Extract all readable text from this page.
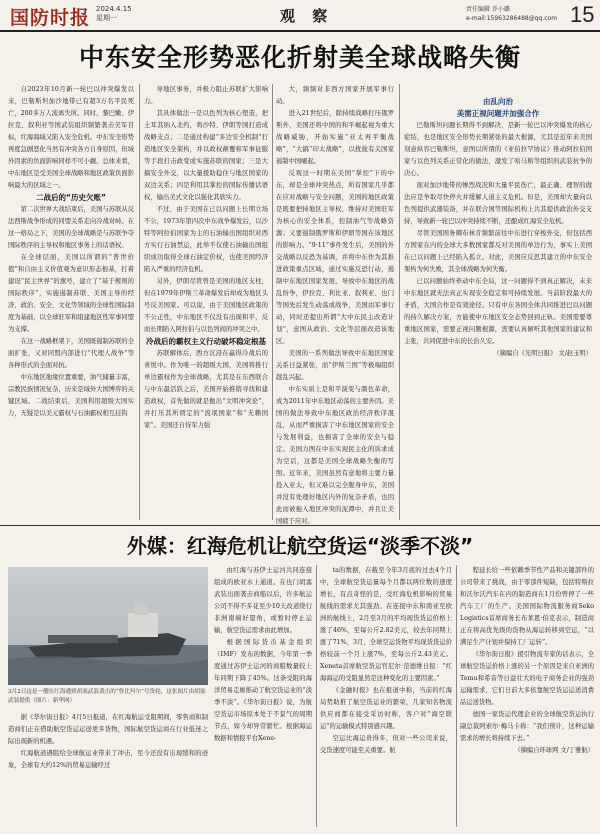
国防时报 2024.4.15
星期一	观 察	责任编辑 乔小璐
e-mail:15963286488@qq.com 15
中东安全形势恶化折射美全球战略失衡

自2023年10月新一轮巴以冲突爆发以来，巴勒斯坦加沙地带已有超3万名平民死亡，200多万人流离失所。同时，黎巴嫩、伊拉克、叙利亚等国武装组织频繁袭击美军目标，红海海域又陷入安全危机。中东安全形势再度急剧恶化当然有冲突各方自身原因，但域外因素的负面影响同样不可小觑。总体来看，中东地区是受美国全球战略和地区政策负面影响最大的区域之一。

二战后的“历史欠账”

第二次世界大战结束后，美国与苏联从反法西斯战争形成的同盟关系走向冷战对峙。在这一格局之下，美国的全球战略是与苏联争夺国际秩序的主导权和地区事务上的话语权。

在全球层面，美国以所谓的“普世价值”和自由主义价值观为意识形态根基，打着建设“民主世界”的旗号，建立了“基于规则的国际秩序”，实施遏制苏联、美国主导的经济、政治、安全、文化等领域的全球性国际制度为基础，以全球驻军和组建地区性军事同盟为支撑。

在这一战略框架下，美国既遏制苏联的全面扩张，又对同盟内部进行“代理人战争”等各种形式的全面对抗。

中东地区地缘位置重要，油气储量丰富，宗教民族情况复杂，历来是域外大国博弈的关键区域。二战结束后，美国利用超级大国实力，无疑是以美元霸权与石油霸权相互挂钩

导地区事务，并极力阻止苏联扩大影响力。

其具体做法一是以色列为核心塑造，把土耳其纳入北约，将沙特、伊朗等国打造成战略支点；二是通过构建“多边安全机制”打造地区安全架构，并以政权颠覆和军事征服等手段打击政变或实施苏联的国家；三是大搞安全外交，以大量援助稳住与地区国家的双边关系；四是利用其掌控的国际传播话语权，输出美式文化以强化其软实力。

不过，由于美国在已以问题上长期立场不公，1973年第四次中东战争爆发后，以沙特等阿拉伯国家为主的石油输出国组织对西方实行石油禁运，此举不仅使石油输出国组织成功取得全球石油定价权，也使美国经济陷入严重的经济危机。

另外，伊朗尽管曾是美国的地区支柱，但在1979年伊斯兰革命爆发后却成为地区头号反美国家。可以说，由于美国地区政策的不公正性，中东地区不仅没有出现和平，反而长期陷入阿拉伯与以色列间的冲突之中。

冷战后的霸权主义行动破坏稳定根基

苏联解体后，西方沉浸在赢得冷战后的喜悦中。作为唯一的超级大国，美国将推行单边霸权作为全球战略，尤其是在东西联合与中东最活跃之后，美国开始推销寻找和建造政权，首先做的就是抛出“文明冲突论”，并打压其所谓定的“流氓国家”和“无赖国家”。美国还自恃军力强

大，频频对非西方国家开展军事行动。

进入21世纪后，除持续战略打压俄罗斯外，美国还将中国的和平崛起视为重大战略威胁，开始实施“亚太再平衡战略”，“大搞“印太战略”，以扰拢有关国家遏制中国崛起。

反观这一时期在美国“掌控”下的中东，却是全球冲突热点，所有国家几乎都在应对战略与安全问题，美国的地区政策是既要把持地区主导权，维持对美国驻军为核心的安全体系，控制油气等战略资源；又要遏制俄罗斯和伊朗等国在该地区的影响力。“9·11”事件发生后，美国的外交战略以反恐为基调，并将中东作为其推进政策重点区域，通过实施反恐行动，遏制中东地区国家发展，导致中东地区的战乱纷争，伊拉克、利比亚、叙利亚、也门等国先后发生动荡或战争，美国由军事行动，同时还提出所谓“大中东民主改造计划”，意图从政治、文化等层面改造该地区。

美国的一系列做法导致中东地区国家关系日益紧张，而“伊斯兰国”等极端组织趁乱兴起。

中东实质上是和平演变与颜色革命，成为2011年中东地区动荡的主要外因。美国的做法导致中东地区政治经济秩序混乱，从而严重损害了中东地区国家的安全与发展利益，也损害了全球的安全与稳定。美国力图在中东实现民主化的诉求成为空话，这都是美国全球战略失衡的写照。近年来，美国虽然有意地将主要力量投入亚太，但又难以完全脱身中东，美国并没有处理好地区内外的复杂矛盾，也因此而被拖入地区冲突的泥潭中，并且让美国疲于应对。

由乱向治
美需正视问题并加强合作

巴勒斯坦问题长期得不到解决，是新一轮巴以冲突爆发的核心症结，也是地区安全形势长期紧张的最大根源，尤其是近年来美国刻意纵容巴勒斯坦，意图以所谓的《亚伯拉罕协议》推动阿拉伯国家与以色列关系正常化的做法，激发了哈马斯等组织的武装抗争的决心。

面对加沙地带的惨烈战况和大量平民伤亡，最正确、理智的做法应是争取尽快停火并缓解人道主义危机。但是，美国却大量向以色列提供武器装备，并在联合国等国际机构上共其提供政治外交支持，导致新一轮巴以冲突持续不断，还酿成红海安全危机。

尽管美国国务卿布林肯频繁前往中东进行穿梭外交，但包括西方国家在内的全球大多数国家都反对美国的单边行为，事实上美国在已以问题上已经陷入孤立。对此，美国应反思其建立的中东安全架构为何失败，其全球战略为何失衡。

已以问题始终牵动中东全局，这一问题得不到真正解决，未来中东地区就无法真正实现安全稳定和可持续发展。当前阶段最大的矛盾，大国合作是有效途径。只有中东各国全体共同推进巴以问题的持久解决方案，方能使中东地区安全态势回到正轨。美国需要尊重地区国家，需要正视问题根源，需要认真倾听其他国家的建议和主张，共同促进中东的长治久安。

（摘编自《光明日报》 文/赵玉明）

外媒：红海危机让航空货运“淡季不淡”
3月2日这是一艘在红海遭到胡塞武装袭击的“鲁比玛尔”号货轮，这张图片由胡塞武装提供（图片：新华网）

据《华尔街日报》4月5日报道，在红海航运受阻期间，零售商和制造商们正在借助航空货运运送更多货物，国际航空货运商在行业低迷之际出现新的机遇。

红海航道遇阻给全球航运业带来了冲击，至今还没有出现缓和的迹象，全球有大约12%的贸易运输经过

由红海与苏伊士运河共同连接组成的欧亚水上通道。在也门胡塞武装出面袭击商船以后，许多航运公司不得不多花至少10天改道绕行非洲南端好望角，或暂时停止运输，航空货运需求由此增加。

根据国际货币基金组织（IMF）发布的数据，今年第一季度通过苏伊士运河的商船数量较上年同期下降了45%。这条受阻的海洋贸易走廊推动了航空货运业的“淡季不淡”。《华尔街日报》说，为航空货运市场原本处于不景气的周期节点，如今却异常繁忙。根据海运数据和情报平台Xene-

ta的数据，在截至今年3月底的过去4个月中，全球航空货运量每个月都以两位数的速度增长，有点奇怪的是，受红海危机影响的贸易航线的需求尤其强劲。在连接中东和南亚至欧洲的航线上，2月至3月的平均现货货运价格上涨了46%，至每公斤2.82美元，较去年同期上涨了71%，3月，全球空运货物平均现货货运价格较前一个月上涨7%，至每公斤2.43美元。Xeneta首席航空货运官尼尔·范德维日报：“红海海运的受阻显然是这种变化的主要因素。”

《金融时报》也在报道中称，当前的红海局势助推了航空货运业的繁荣，几家知名物流供应商都在接受采访时称，客户对“海空联运”的运输模式特别感兴趣。

空运比海运贵得多，但对一些公司来说，交货速度可能至关重要。航

程延长给一些依赖季节性产品和关键部件的公司带来了挑战，由于零部件短缺，包括特斯拉和沃尔沃汽车在内的制造商在1月份曾停了一些汽车工厂的生产。美国国际物流服务商Seko Logistics首席商务长布莱恩·伯克表示，制造商正在将高优先级的货物从海运转移到空运，“以满足生产计划并保持工厂运转”。

《华尔街日报》援引物流专家的话表示，全球航空货运价格上涨的另一个原因是来自亚洲的Temu和希音等日益壮大的电子商务企业的强劲运输需求，它们日前大多依靠航空货运运送消费品运送货物。

德国一家货运代理企业的全球航空货运执行副总裁阿索尔·梅马卡称：“我们预计，这种运输需求的增长将持续下去。”

（摘编自环球网 文/丁雅航）
